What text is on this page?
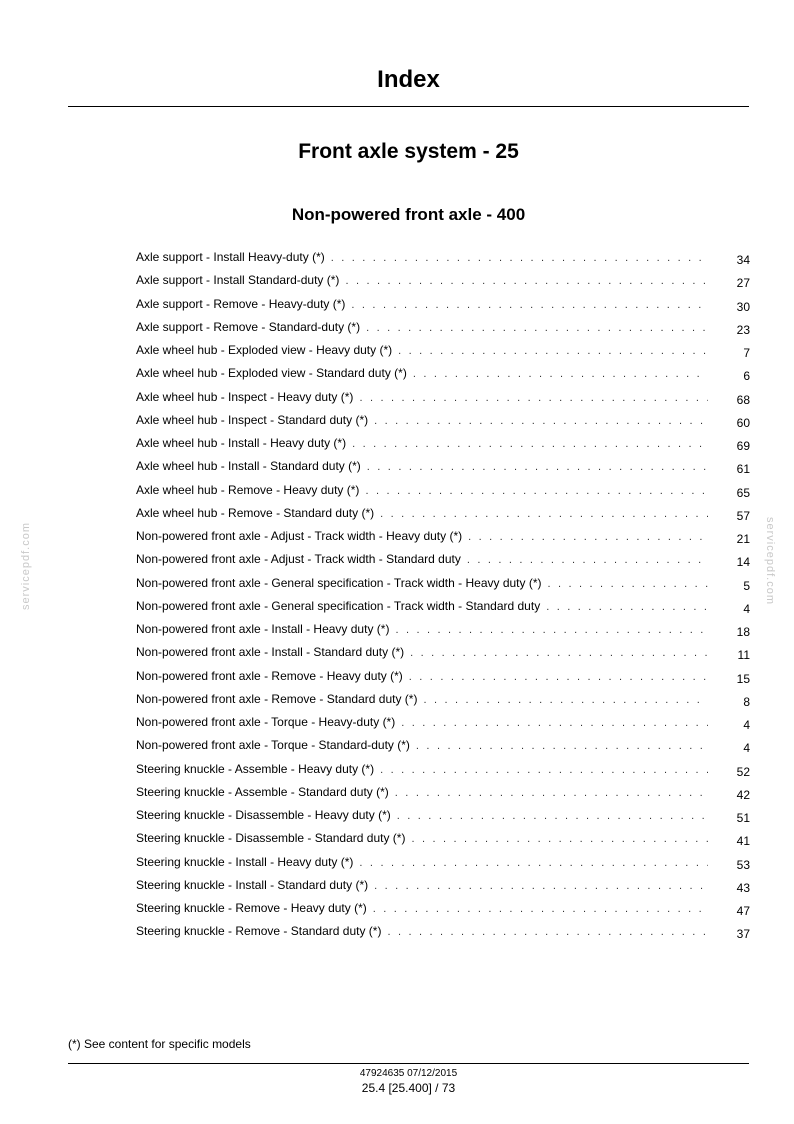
Index
Front axle system - 25
Non-powered front axle - 400
Axle support - Install Heavy-duty (*) . . .	34
Axle support - Install Standard-duty (*) . . .	27
Axle support - Remove - Heavy-duty (*) . . .	30
Axle support - Remove - Standard-duty (*) . . .	23
Axle wheel hub - Exploded view - Heavy duty (*) . . .	7
Axle wheel hub - Exploded view - Standard duty (*) . . .	6
Axle wheel hub - Inspect - Heavy duty (*) . . .	68
Axle wheel hub - Inspect - Standard duty (*) . . .	60
Axle wheel hub - Install - Heavy duty (*) . . .	69
Axle wheel hub - Install - Standard duty (*) . . .	61
Axle wheel hub - Remove - Heavy duty (*) . . .	65
Axle wheel hub - Remove - Standard duty (*) . . .	57
Non-powered front axle - Adjust - Track width - Heavy duty (*) . . .	21
Non-powered front axle - Adjust - Track width - Standard duty . . .	14
Non-powered front axle - General specification - Track width - Heavy duty (*) . . .	5
Non-powered front axle - General specification - Track width - Standard duty . . .	4
Non-powered front axle - Install - Heavy duty (*) . . .	18
Non-powered front axle - Install - Standard duty (*) . . .	11
Non-powered front axle - Remove - Heavy duty (*) . . .	15
Non-powered front axle - Remove - Standard duty (*) . . .	8
Non-powered front axle - Torque - Heavy-duty (*) . . .	4
Non-powered front axle - Torque - Standard-duty (*) . . .	4
Steering knuckle - Assemble - Heavy duty (*) . . .	52
Steering knuckle - Assemble - Standard duty (*) . . .	42
Steering knuckle - Disassemble - Heavy duty (*) . . .	51
Steering knuckle - Disassemble - Standard duty (*) . . .	41
Steering knuckle - Install - Heavy duty (*) . . .	53
Steering knuckle - Install - Standard duty (*) . . .	43
Steering knuckle - Remove - Heavy duty (*) . . .	47
Steering knuckle - Remove - Standard duty (*) . . .	37
(*) See content for specific models
47924635 07/12/2015
25.4 [25.400] / 73
servicepdf.com	servicepdf.com
